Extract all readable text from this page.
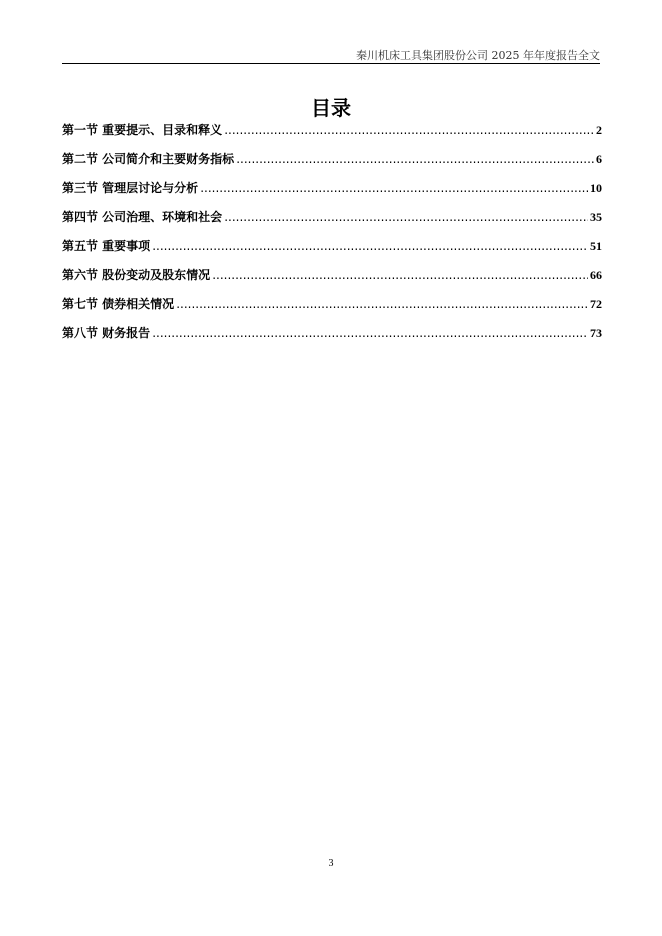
秦川机床工具集团股份公司 2025 年年度报告全文
目录
第一节 重要提示、目录和释义 .....	2
第二节 公司简介和主要财务指标 .....	6
第三节 管理层讨论与分析 .....	10
第四节 公司治理、环境和社会 .....	35
第五节 重要事项 .....	51
第六节 股份变动及股东情况 .....	66
第七节 债券相关情况 .....	72
第八节 财务报告 .....	73
3
